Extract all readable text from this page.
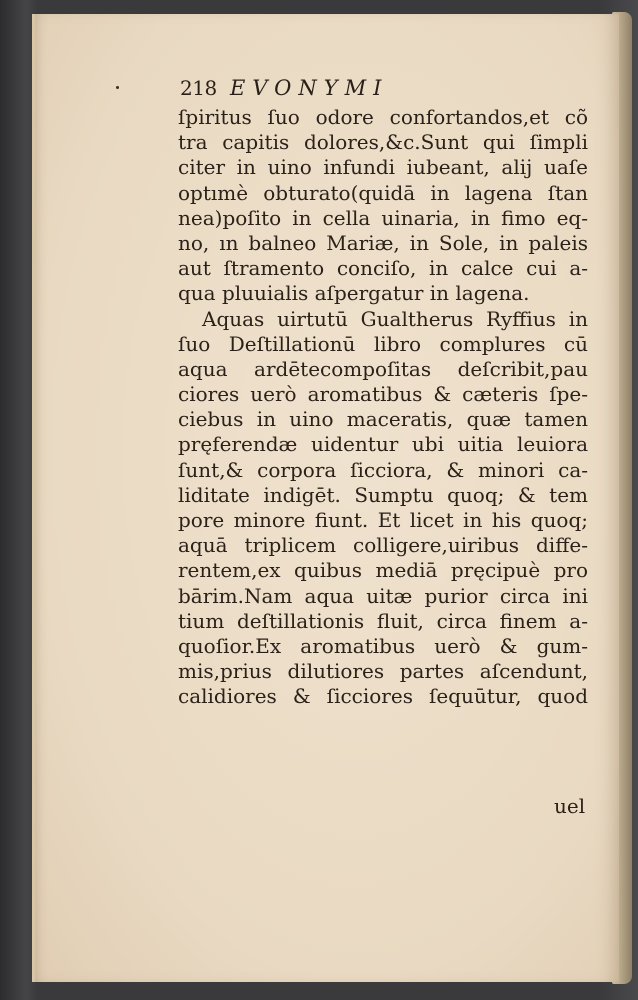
218 EVONYMI
ſpiritus ſuo odore confortandos,et cõ
tra capitis dolores,&c.Sunt qui ſimpli
citer in uino infundi iubeant, alij uaſe
optımè obturato(quidā in lagena ſtan
nea)poſito in cella uinaria, in fimo eq-
no, ın balneo Mariæ, in Sole, in paleis
aut ſtramento conciſo, in calce cui a-
qua pluuialis aſpergatur in lagena.
Aquas uirtutū Gualtherus Ryffius in
ſuo Deſtillationū libro complures cū
aqua ardētecompoſitas deſcribit,pau
ciores uerò aromatibus & cæteris ſpe-
ciebus in uino maceratis, quæ tamen
pręferendæ uidentur ubi uitia leuiora
ſunt,& corpora ſicciora, & minori ca-
liditate indigēt. Sumptu quoq; & tem
pore minore fiunt. Et licet in his quoq;
aquā triplicem colligere,uiribus diffe-
rentem,ex quibus mediā pręcipuè pro
bārim.Nam aqua uitæ purior circa ini
tium deſtillationis fluit, circa finem a-
quoſior.Ex aromatibus uerò & gum-
mis,prius dilutiores partes aſcendunt,
calidiores & ſicciores ſequūtur, quod
uel
